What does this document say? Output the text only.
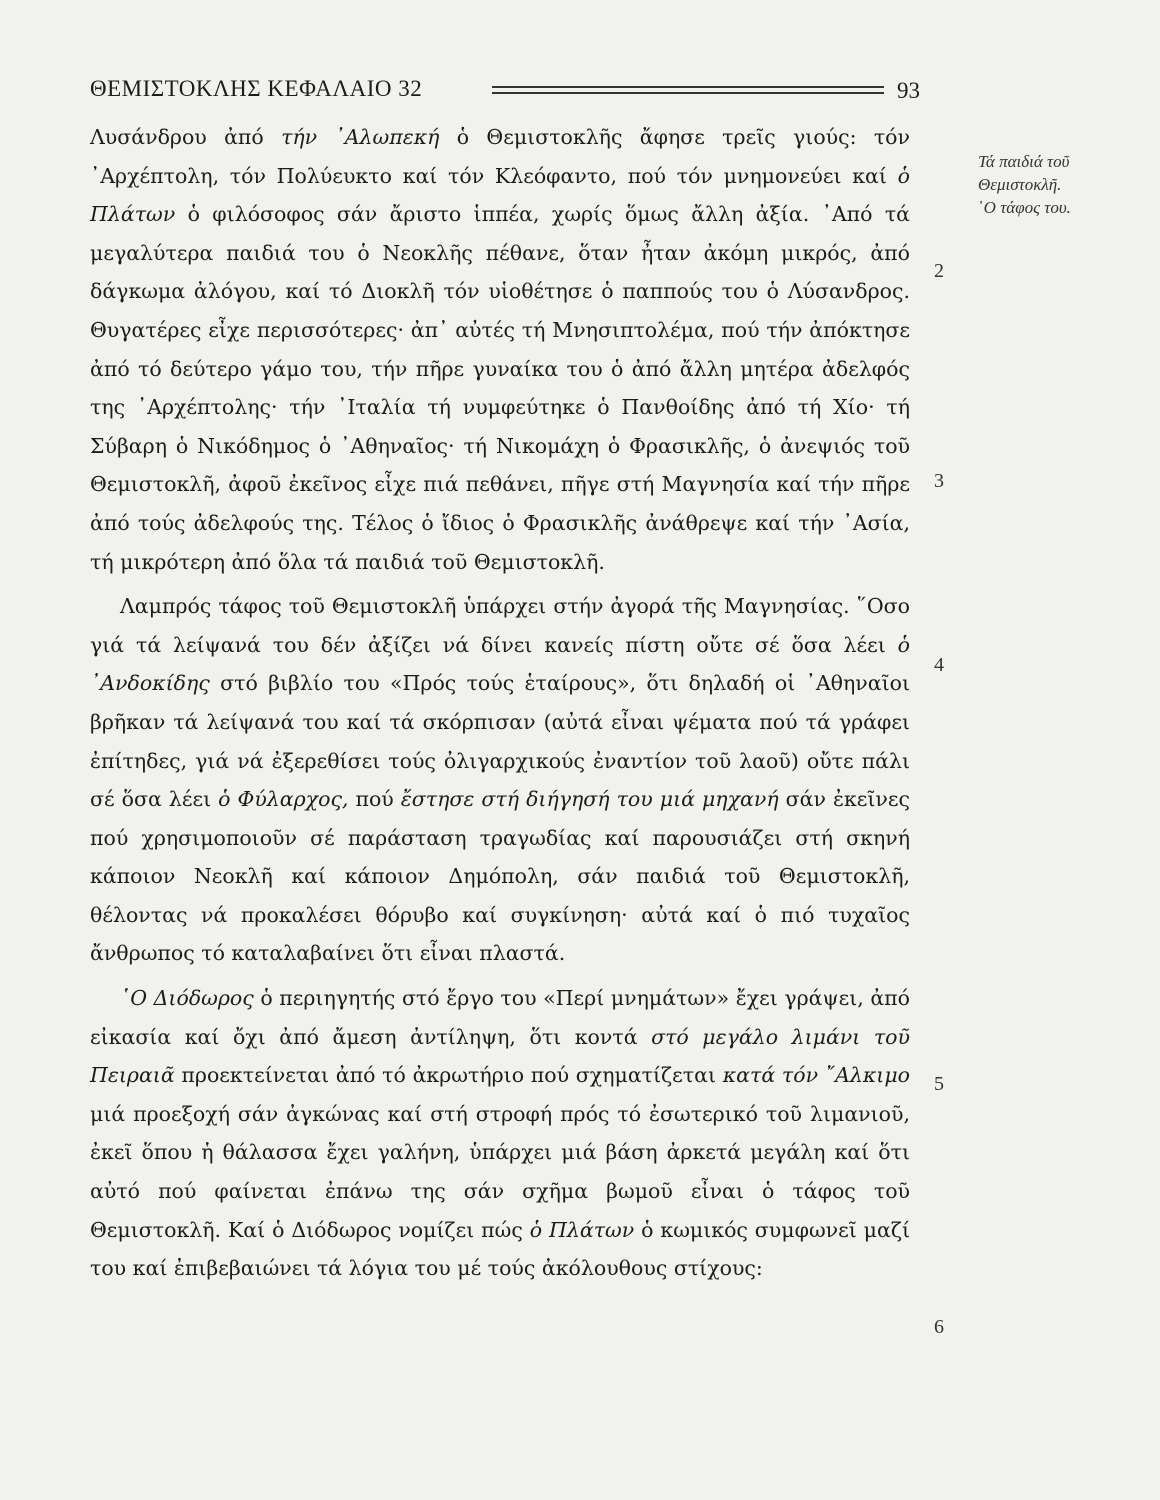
ΘΕΜΙΣΤΟΚΛΗΣ ΚΕΦΑΛΑΙΟ 32	93
Τά παιδιά τοῦ
Θεμιστοκλῆ.
῾Ο τάφος του.
2
3
4
5
6

Λυσάνδρου ἀπό τήν ᾿Αλωπεκή ὁ Θεμιστοκλῆς ἄφησε τρεῖς γιούς: τόν ᾿Αρχέπτολη, τόν Πολύευκτο καί τόν Κλεόφαντο, πού τόν μνημονεύει καί ὁ Πλάτων ὁ φιλόσοφος σάν ἄριστο ἱππέα, χωρίς ὅμως ἄλλη ἀξία. ᾿Από τά μεγαλύτερα παιδιά του ὁ Νεοκλῆς πέθανε, ὅταν ἦταν ἀκόμη μικρός, ἀπό δάγκωμα ἀλόγου, καί τό Διοκλῆ τόν υἱοθέτησε ὁ παππούς του ὁ Λύσανδρος. Θυγατέρες εἶχε περισσότερες· ἀπ᾿ αὐτές τή Μνησιπτολέμα, πού τήν ἀπόκτησε ἀπό τό δεύτερο γάμο του, τήν πῆρε γυναίκα του ὁ ἀπό ἄλλη μητέρα ἀδελφός της ᾿Αρχέπτολης· τήν ᾿Ιταλία τή νυμφεύτηκε ὁ Πανθοίδης ἀπό τή Χίο· τή Σύβαρη ὁ Νικόδημος ὁ ᾿Αθηναῖος· τή Νικομάχη ὁ Φρασικλῆς, ὁ ἀνεψιός τοῦ Θεμιστοκλῆ, ἀφοῦ ἐκεῖνος εἶχε πιά πεθάνει, πῆγε στή Μαγνησία καί τήν πῆρε ἀπό τούς ἀδελφούς της. Τέλος ὁ ἴδιος ὁ Φρασικλῆς ἀνάθρεψε καί τήν ᾿Ασία, τή μικρότερη ἀπό ὅλα τά παιδιά τοῦ Θεμιστοκλῆ.

Λαμπρός τάφος τοῦ Θεμιστοκλῆ ὑπάρχει στήν ἀγορά τῆς Μαγνησίας. ῞Οσο γιά τά λείψανά του δέν ἀξίζει νά δίνει κανείς πίστη οὔτε σέ ὅσα λέει ὁ ᾿Ανδοκίδης στό βιβλίο του «Πρός τούς ἑταίρους», ὅτι δηλαδή οἱ ᾿Αθηναῖοι βρῆκαν τά λείψανά του καί τά σκόρπισαν (αὐτά εἶναι ψέματα πού τά γράφει ἐπίτηδες, γιά νά ἐξερεθίσει τούς ὀλιγαρχικούς ἐναντίον τοῦ λαοῦ) οὔτε πάλι σέ ὅσα λέει ὁ Φύλαρχος, πού ἔστησε στή διήγησή του μιά μηχανή σάν ἐκεῖνες πού χρησιμοποιοῦν σέ παράσταση τραγωδίας καί παρουσιάζει στή σκηνή κάποιον Νεοκλῆ καί κάποιον Δημόπολη, σάν παιδιά τοῦ Θεμιστοκλῆ, θέλοντας νά προκαλέσει θόρυβο καί συγκίνηση· αὐτά καί ὁ πιό τυχαῖος ἄνθρωπος τό καταλαβαίνει ὅτι εἶναι πλαστά.

῾Ο Διόδωρος ὁ περιηγητής στό ἔργο του «Περί μνημάτων» ἔχει γράψει, ἀπό εἰκασία καί ὄχι ἀπό ἄμεση ἀντίληψη, ὅτι κοντά στό μεγάλο λιμάνι τοῦ Πειραιᾶ προεκτείνεται ἀπό τό ἀκρωτήριο πού σχηματίζεται κατά τόν ῎Αλκιμο μιά προεξοχή σάν ἀγκώνας καί στή στροφή πρός τό ἐσωτερικό τοῦ λιμανιοῦ, ἐκεῖ ὅπου ἡ θάλασσα ἔχει γαλήνη, ὑπάρχει μιά βάση ἀρκετά μεγάλη καί ὅτι αὐτό πού φαίνεται ἐπάνω της σάν σχῆμα βωμοῦ εἶναι ὁ τάφος τοῦ Θεμιστοκλῆ. Καί ὁ Διόδωρος νομίζει πώς ὁ Πλάτων ὁ κωμικός συμφωνεῖ μαζί του καί ἐπιβεβαιώνει τά λόγια του μέ τούς ἀκόλουθους στίχους:
